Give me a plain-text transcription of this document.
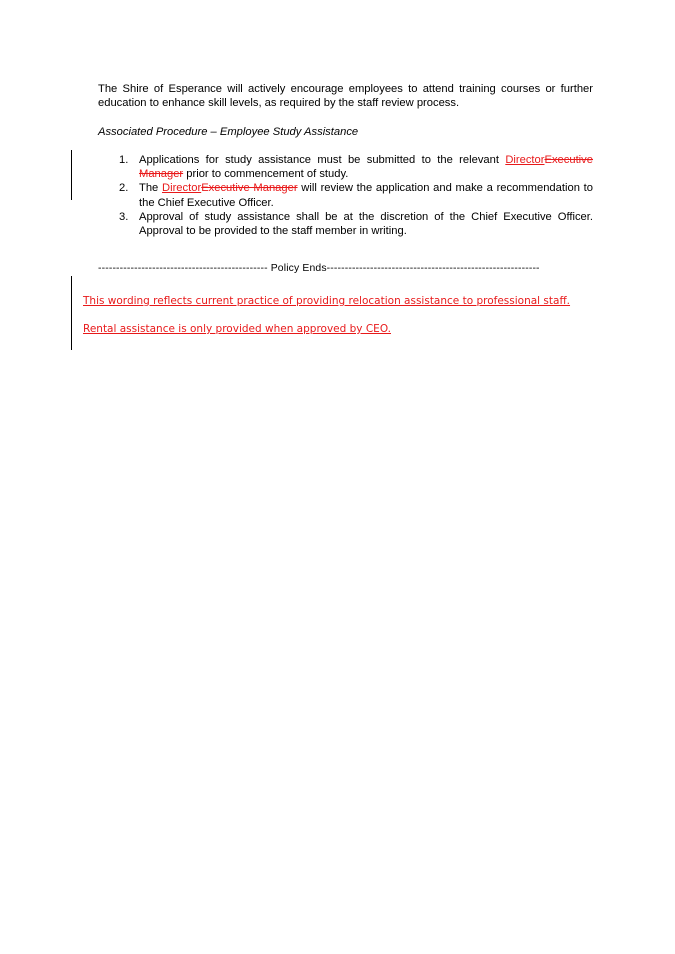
The Shire of Esperance will actively encourage employees to attend training courses or further education to enhance skill levels, as required by the staff review process.

Associated Procedure – Employee Study Assistance

1. Applications for study assistance must be submitted to the relevant DirectorExecutive Manager prior to commencement of study.
2. The DirectorExecutive Manager will review the application and make a recommendation to the Chief Executive Officer.
3. Approval of study assistance shall be at the discretion of the Chief Executive Officer. Approval to be provided to the staff member in writing.
----------------------------------------------- Policy Ends-----------------------------------------------------------

This wording reflects current practice of providing relocation assistance to professional staff.

Rental assistance is only provided when approved by CEO.
